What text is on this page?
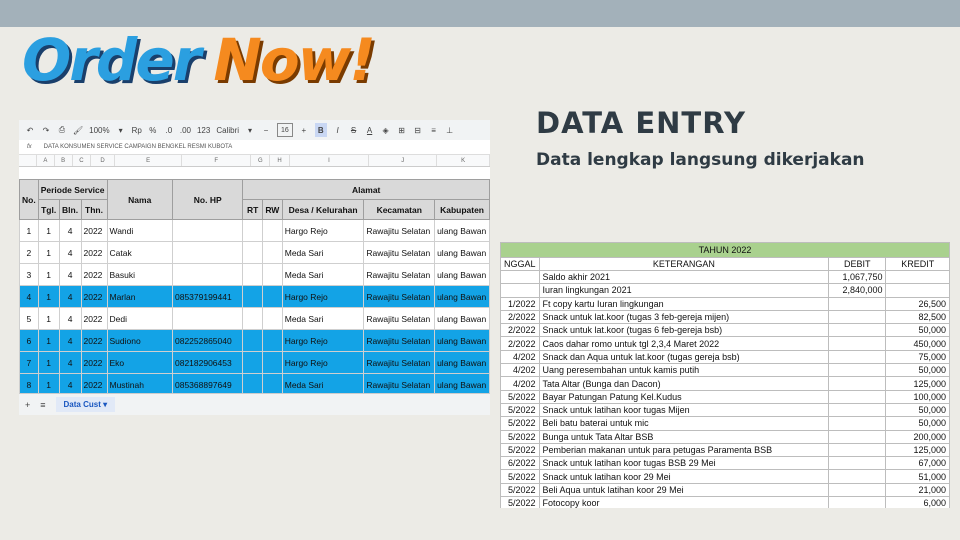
Order Now!
DATA ENTRY
Data lengkap langsung dikerjakan
↶ ↷ ⎙ 🖌 100%	▾	Rp % .0 .00 123 Calibri	▾	−	16	+	B	I S A ◈ ⊞ ⊟	≡	⊥
fx DATA KONSUMEN SERVICE CAMPAIGN BENGKEL RESMI KUBOTA
A	B	C	D	E	F	G	H	I	J	K
No.	Periode Service			Nama	No. HP	Alamat				
	Tgl.	Bln.	Thn.			RT	RW	Desa / Kelurahan	Kecamatan	Kabupaten
1	1	4	2022	Wandi				Hargo Rejo	Rawajitu Selatan	ulang Bawan
2	1	4	2022	Catak				Meda Sari	Rawajitu Selatan	ulang Bawan
3	1	4	2022	Basuki				Meda Sari	Rawajitu Selatan	ulang Bawan
4	1	4	2022	Marlan	085379199441			Hargo Rejo	Rawajitu Selatan	ulang Bawan
5	1	4	2022	Dedi				Meda Sari	Rawajitu Selatan	ulang Bawan
6	1	4	2022	Sudiono	082252865040			Hargo Rejo	Rawajitu Selatan	ulang Bawan
7	1	4	2022	Eko	082182906453			Hargo Rejo	Rawajitu Selatan	ulang Bawan
8	1	4	2022	Mustinah	085368897649			Meda Sari	Rawajitu Selatan	ulang Bawan
+ ≡	Data Cust ▾
TAHUN 2022			
NGGAL	KETERANGAN	DEBIT	KREDIT
	Saldo akhir 2021	1,067,750	
	Iuran lingkungan 2021	2,840,000	
1/2022	Ft copy kartu Iuran lingkungan		26,500
2/2022	Snack untuk lat.koor (tugas 3 feb-gereja mijen)		82,500
2/2022	Snack untuk lat.koor (tugas 6 feb-gereja bsb)		50,000
2/2022	Caos dahar romo untuk tgl 2,3,4 Maret 2022		450,000
4/202	Snack dan Aqua untuk lat.koor (tugas gereja bsb)		75,000
4/202	Uang peresembahan untuk kamis putih		50,000
4/202	Tata Altar (Bunga dan Dacon)		125,000
5/2022	Bayar Patungan Patung Kel.Kudus		100,000
5/2022	Snack untuk latihan koor tugas Mijen		50,000
5/2022	Beli batu baterai untuk mic		50,000
5/2022	Bunga untuk Tata Altar BSB		200,000
5/2022	Pemberian makanan untuk para petugas Paramenta BSB		125,000
6/2022	Snack untuk latihan koor tugas BSB 29 Mei		67,000
5/2022	Snack untuk latihan koor 29 Mei		51,000
5/2022	Beli Aqua untuk latihan koor 29 Mei		21,000
5/2022	Fotocopy koor		6,000
